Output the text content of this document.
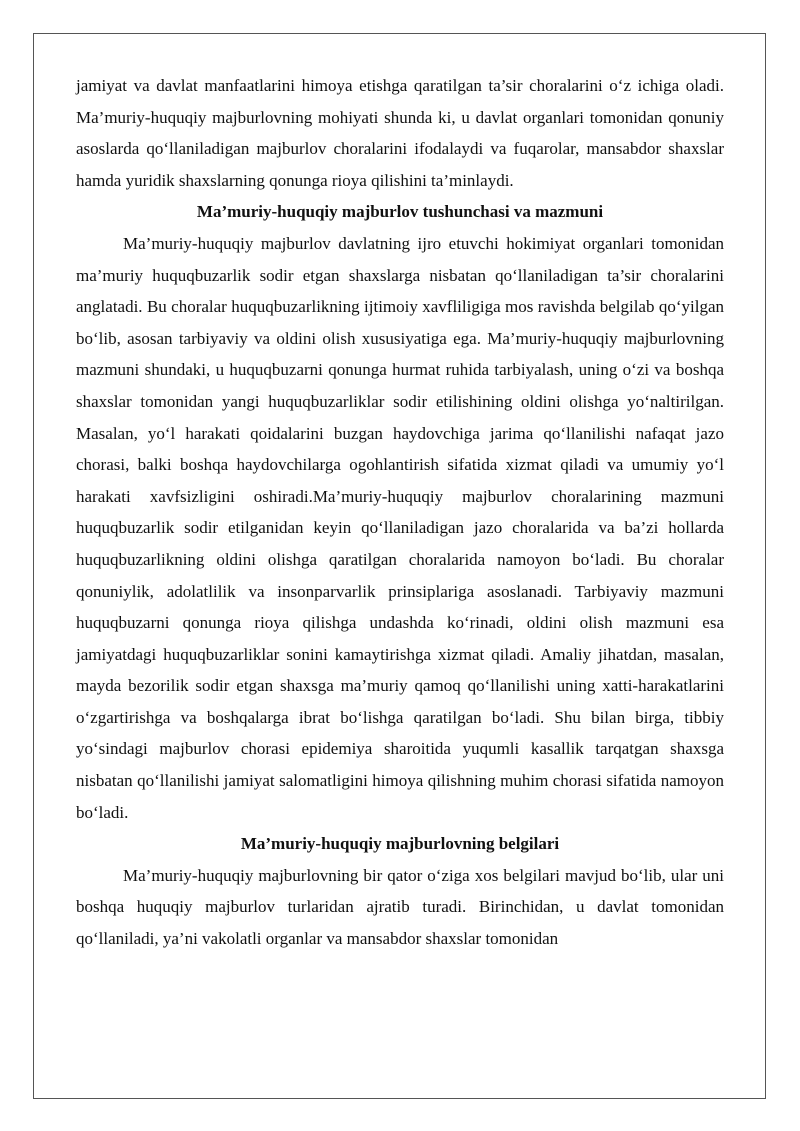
jamiyat va davlat manfaatlarini himoya etishga qaratilgan ta’sir choralarini o‘z ichiga oladi. Ma’muriy-huquqiy majburlovning mohiyati shunda ki, u davlat organlari tomonidan qonuniy asoslarda qo‘llaniladigan majburlov choralarini ifodalaydi va fuqarolar, mansabdor shaxslar hamda yuridik shaxslarning qonunga rioya qilishini ta’minlaydi.

Ma’muriy-huquqiy majburlov tushunchasi va mazmuni

Ma’muriy-huquqiy majburlov davlatning ijro etuvchi hokimiyat organlari tomonidan ma’muriy huquqbuzarlik sodir etgan shaxslarga nisbatan qo‘llaniladigan ta’sir choralarini anglatadi. Bu choralar huquqbuzarlikning ijtimoiy xavfliligiga mos ravishda belgilab qo‘yilgan bo‘lib, asosan tarbiyaviy va oldini olish xususiyatiga ega. Ma’muriy-huquqiy majburlovning mazmuni shundaki, u huquqbuzarni qonunga hurmat ruhida tarbiyalash, uning o‘zi va boshqa shaxslar tomonidan yangi huquqbuzarliklar sodir etilishining oldini olishga yo‘naltirilgan. Masalan, yo‘l harakati qoidalarini buzgan haydovchiga jarima qo‘llanilishi nafaqat jazo chorasi, balki boshqa haydovchilarga ogohlantirish sifatida xizmat qiladi va umumiy yo‘l harakati xavfsizligini oshiradi.Ma’muriy-huquqiy majburlov choralarining mazmuni huquqbuzarlik sodir etilganidan keyin qo‘llaniladigan jazo choralarida va ba’zi hollarda huquqbuzarlikning oldini olishga qaratilgan choralarida namoyon bo‘ladi. Bu choralar qonuniylik, adolatlilik va insonparvarlik prinsiplariga asoslanadi. Tarbiyaviy mazmuni huquqbuzarni qonunga rioya qilishga undashda ko‘rinadi, oldini olish mazmuni esa jamiyatdagi huquqbuzarliklar sonini kamaytirishga xizmat qiladi. Amaliy jihatdan, masalan, mayda bezorilik sodir etgan shaxsga ma’muriy qamoq qo‘llanilishi uning xatti-harakatlarini o‘zgartirishga va boshqalarga ibrat bo‘lishga qaratilgan bo‘ladi. Shu bilan birga, tibbiy yo‘sindagi majburlov chorasi epidemiya sharoitida yuqumli kasallik tarqatgan shaxsga nisbatan qo‘llanilishi jamiyat salomatligini himoya qilishning muhim chorasi sifatida namoyon bo‘ladi.

Ma’muriy-huquqiy majburlovning belgilari

Ma’muriy-huquqiy majburlovning bir qator o‘ziga xos belgilari mavjud bo‘lib, ular uni boshqa huquqiy majburlov turlaridan ajratib turadi. Birinchidan, u davlat tomonidan qo‘llaniladi, ya’ni vakolatli organlar va mansabdor shaxslar tomonidan
